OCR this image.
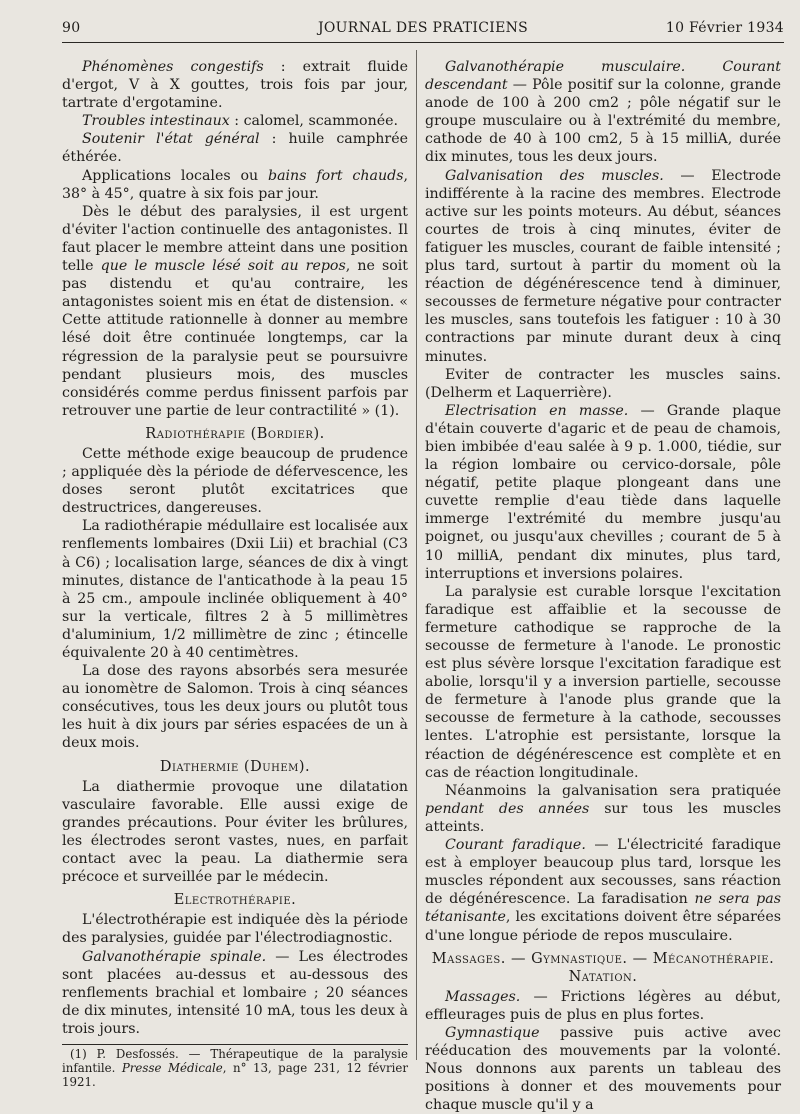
90	JOURNAL DES PRATICIENS	10 Février 1934

Phénomènes congestifs : extrait fluide d'ergot, V à X gouttes, trois fois par jour, tartrate d'ergotamine.

Troubles intestinaux : calomel, scammonée.

Soutenir l'état général : huile camphrée éthérée.

Applications locales ou bains fort chauds, 38° à 45°, quatre à six fois par jour.

Dès le début des paralysies, il est urgent d'éviter l'action continuelle des antagonistes. Il faut placer le membre atteint dans une position telle que le muscle lésé soit au repos, ne soit pas distendu et qu'au contraire, les antagonistes soient mis en état de distension. « Cette attitude rationnelle à donner au membre lésé doit être continuée longtemps, car la régression de la paralysie peut se poursuivre pendant plusieurs mois, des muscles considérés comme perdus finissent parfois par retrouver une partie de leur contractilité » (1).

Radiothérapie (Bordier).

Cette méthode exige beaucoup de prudence ; appliquée dès la période de défervescence, les doses seront plutôt excitatrices que destructrices, dangereuses.

La radiothérapie médullaire est localisée aux renflements lombaires (Dxii Lii) et brachial (C3 à C6) ; localisation large, séances de dix à vingt minutes, distance de l'anticathode à la peau 15 à 25 cm., ampoule inclinée obliquement à 40° sur la verticale, filtres 2 à 5 millimètres d'aluminium, 1/2 millimètre de zinc ; étincelle équivalente 20 à 40 centimètres.

La dose des rayons absorbés sera mesurée au ionomètre de Salomon. Trois à cinq séances consécutives, tous les deux jours ou plutôt tous les huit à dix jours par séries espacées de un à deux mois.

Diathermie (Duhem).

La diathermie provoque une dilatation vasculaire favorable. Elle aussi exige de grandes précautions. Pour éviter les brûlures, les électrodes seront vastes, nues, en parfait contact avec la peau. La diathermie sera précoce et surveillée par le médecin.

Electrothérapie.

L'électrothérapie est indiquée dès la période des paralysies, guidée par l'électrodiagnostic.

Galvanothérapie spinale. — Les électrodes sont placées au-dessus et au-dessous des renflements brachial et lombaire ; 20 séances de dix minutes, intensité 10 mA, tous les deux à trois jours.

(1) P. Desfossés. — Thérapeutique de la paralysie infantile. Presse Médicale, n° 13, page 231, 12 février 1921.

Galvanothérapie musculaire. Courant descendant — Pôle positif sur la colonne, grande anode de 100 à 200 cm2 ; pôle négatif sur le groupe musculaire ou à l'extrémité du membre, cathode de 40 à 100 cm2, 5 à 15 milliA, durée dix minutes, tous les deux jours.

Galvanisation des muscles. — Electrode indifférente à la racine des membres. Electrode active sur les points moteurs. Au début, séances courtes de trois à cinq minutes, éviter de fatiguer les muscles, courant de faible intensité ; plus tard, surtout à partir du moment où la réaction de dégénérescence tend à diminuer, secousses de fermeture négative pour contracter les muscles, sans toutefois les fatiguer : 10 à 30 contractions par minute durant deux à cinq minutes.

Eviter de contracter les muscles sains. (Delherm et Laquerrière).

Electrisation en masse. — Grande plaque d'étain couverte d'agaric et de peau de chamois, bien imbibée d'eau salée à 9 p. 1.000, tiédie, sur la région lombaire ou cervico-dorsale, pôle négatif, petite plaque plongeant dans une cuvette remplie d'eau tiède dans laquelle immerge l'extrémité du membre jusqu'au poignet, ou jusqu'aux chevilles ; courant de 5 à 10 milliA, pendant dix minutes, plus tard, interruptions et inversions polaires.

La paralysie est curable lorsque l'excitation faradique est affaiblie et la secousse de fermeture cathodique se rapproche de la secousse de fermeture à l'anode. Le pronostic est plus sévère lorsque l'excitation faradique est abolie, lorsqu'il y a inversion partielle, secousse de fermeture à l'anode plus grande que la secousse de fermeture à la cathode, secousses lentes. L'atrophie est persistante, lorsque la réaction de dégénérescence est complète et en cas de réaction longitudinale.

Néanmoins la galvanisation sera pratiquée pendant des années sur tous les muscles atteints.

Courant faradique. — L'électricité faradique est à employer beaucoup plus tard, lorsque les muscles répondent aux secousses, sans réaction de dégénérescence. La faradisation ne sera pas tétanisante, les excitations doivent être séparées d'une longue période de repos musculaire.

Massages. — Gymnastique. — Mécanothérapie. Natation.

Massages. — Frictions légères au début, effleurages puis de plus en plus fortes.

Gymnastique passive puis active avec rééducation des mouvements par la volonté. Nous donnons aux parents un tableau des positions à donner et des mouvements pour chaque muscle qu'il y a
